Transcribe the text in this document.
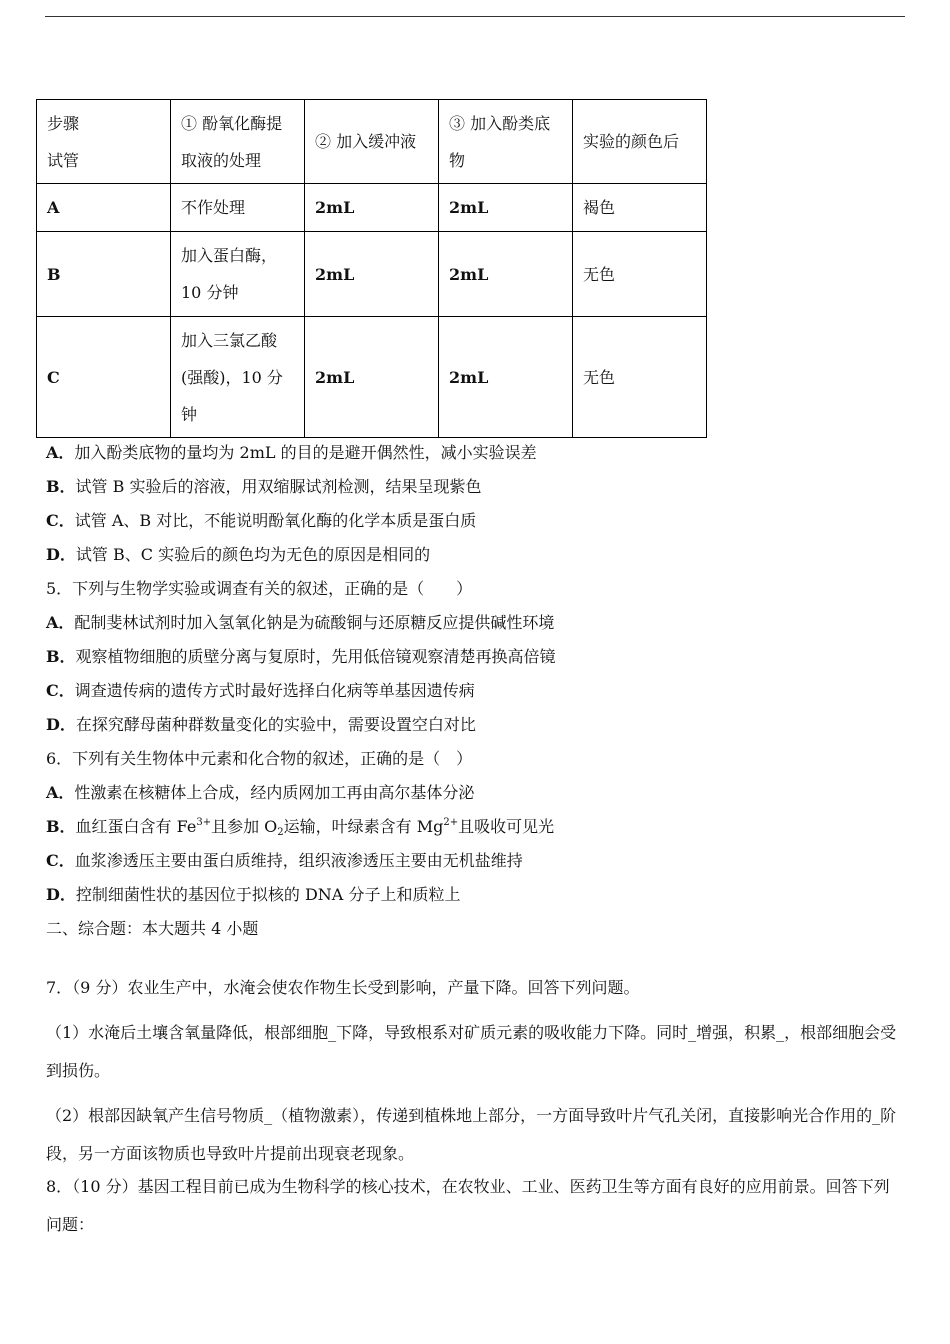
步骤
试管	① 酚氧化酶提取液的处理	② 加入缓冲液	③ 加入酚类底物	实验的颜色后
A	不作处理	2mL	2mL	褐色
B	加入蛋白酶，10 分钟	2mL	2mL	无色
C	加入三氯乙酸(强酸)，10 分钟	2mL	2mL	无色
A．加入酚类底物的量均为 2mL 的目的是避开偶然性，减小实验误差
B．试管 B 实验后的溶液，用双缩脲试剂检测，结果呈现紫色
C．试管 A、B 对比，不能说明酚氧化酶的化学本质是蛋白质
D．试管 B、C 实验后的颜色均为无色的原因是相同的
5．下列与生物学实验或调查有关的叙述，正确的是（　　）
A．配制斐林试剂时加入氢氧化钠是为硫酸铜与还原糖反应提供碱性环境
B．观察植物细胞的质壁分离与复原时，先用低倍镜观察清楚再换高倍镜
C．调查遗传病的遗传方式时最好选择白化病等单基因遗传病
D．在探究酵母菌种群数量变化的实验中，需要设置空白对比
6．下列有关生物体中元素和化合物的叙述，正确的是（　）
A．性激素在核糖体上合成，经内质网加工再由高尔基体分泌
B．血红蛋白含有 $Fe^{3+}$且参加 $O_2$运输，叶绿素含有 $Mg^{2+}$且吸收可见光
C．血浆渗透压主要由蛋白质维持，组织液渗透压主要由无机盐维持
D．控制细菌性状的基因位于拟核的 DNA 分子上和质粒上
二、综合题：本大题共 4 小题
7．（9 分）农业生产中，水淹会使农作物生长受到影响，产量下降。回答下列问题。
（1）水淹后土壤含氧量降低，根部细胞_下降，导致根系对矿质元素的吸收能力下降。同时_增强，积累_，根部细胞会受到损伤。
（2）根部因缺氧产生信号物质_（植物激素），传递到植株地上部分，一方面导致叶片气孔关闭，直接影响光合作用的_阶段，另一方面该物质也导致叶片提前出现衰老现象。
8．（10 分）基因工程目前已成为生物科学的核心技术，在农牧业、工业、医药卫生等方面有良好的应用前景。回答下列问题：
